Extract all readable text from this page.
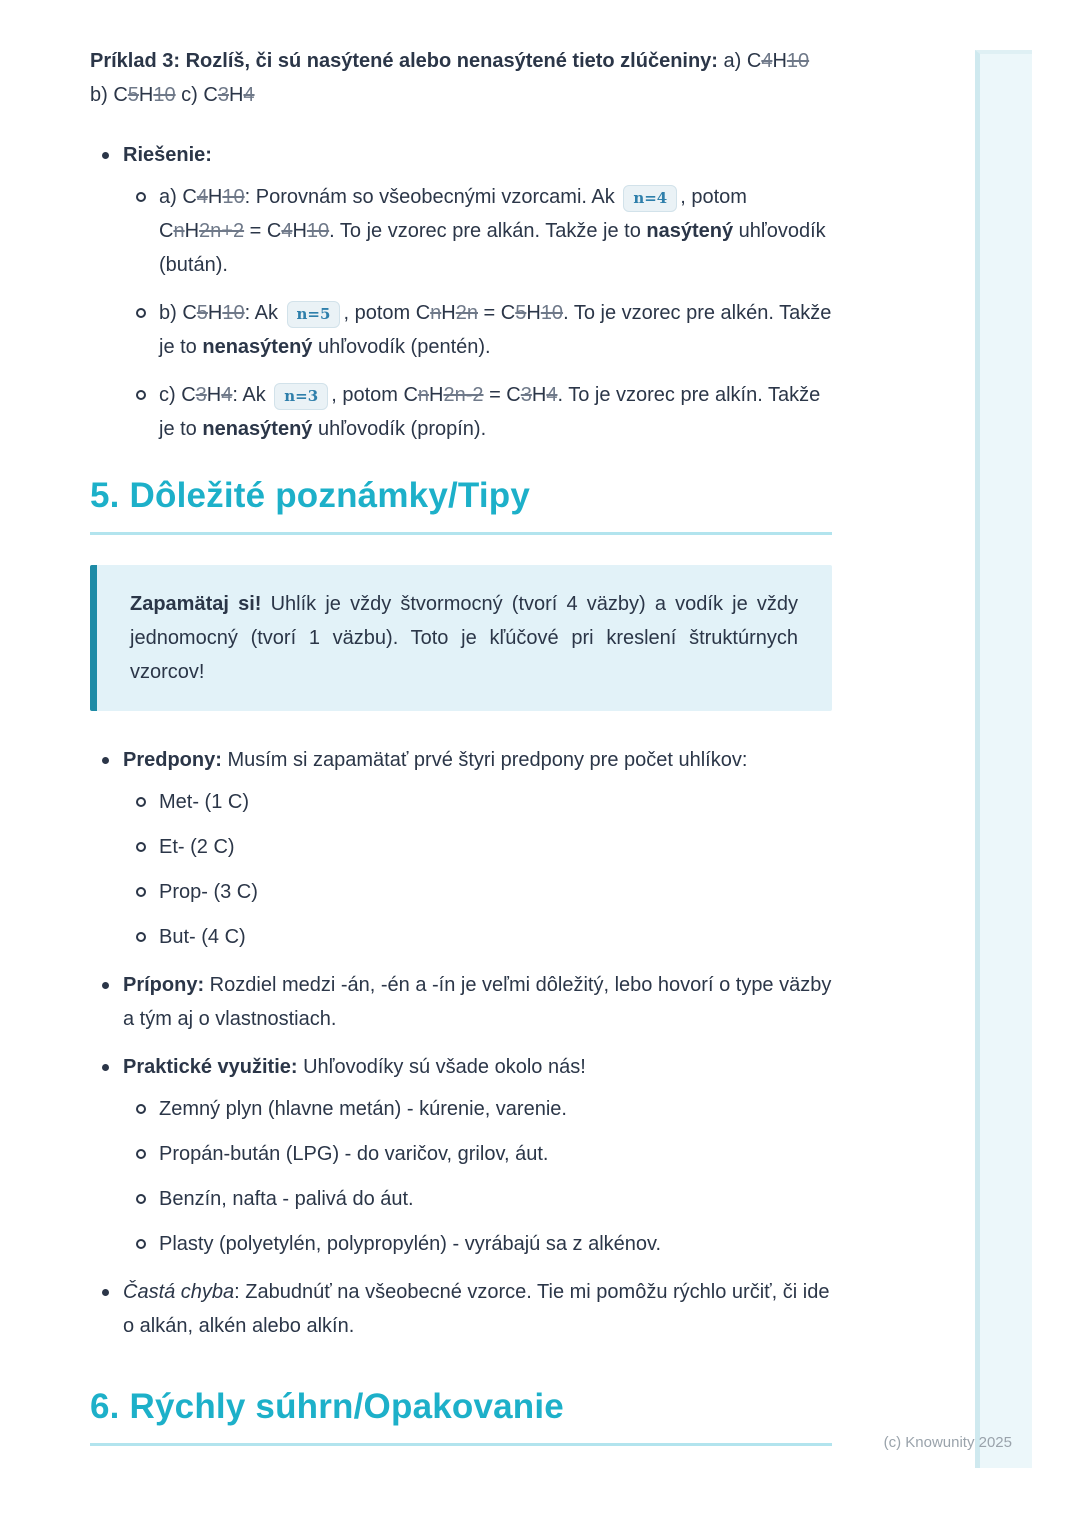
Príklad 3: Rozlíš, či sú nasýtené alebo nenasýtené tieto zlúčeniny: a) C4H10 b) C5H10 c) C3H4

Riešenie:

a) C4H10: Porovnám so všeobecnými vzorcami. Ak n=4 , potom CnH2n+2 = C4H10. To je vzorec pre alkán. Takže je to nasýtený uhľovodík (bután).

b) C5H10: Ak n=5 , potom CnH2n = C5H10. To je vzorec pre alkén. Takže je to nenasýtený uhľovodík (pentén).

c) C3H4: Ak n=3 , potom CnH2n-2 = C3H4. To je vzorec pre alkín. Takže je to nenasýtený uhľovodík (propín).

5. Dôležité poznámky/Tipy

Zapamätaj si! Uhlík je vždy štvormocný (tvorí 4 väzby) a vodík je vždy jednomocný (tvorí 1 väzbu). Toto je kľúčové pri kreslení štruktúrnych vzorcov!

Predpony: Musím si zapamätať prvé štyri predpony pre počet uhlíkov:

Met- (1 C)

Et- (2 C)

Prop- (3 C)

But- (4 C)

Prípony: Rozdiel medzi -án, -én a -ín je veľmi dôležitý, lebo hovorí o type väzby a tým aj o vlastnostiach.

Praktické využitie: Uhľovodíky sú všade okolo nás!

Zemný plyn (hlavne metán) - kúrenie, varenie.

Propán-bután (LPG) - do varičov, grilov, áut.

Benzín, nafta - palivá do áut.

Plasty (polyetylén, polypropylén) - vyrábajú sa z alkénov.

Častá chyba: Zabudnúť na všeobecné vzorce. Tie mi pomôžu rýchlo určiť, či ide o alkán, alkén alebo alkín.

6. Rýchly súhrn/Opakovanie
(c) Knowunity 2025
